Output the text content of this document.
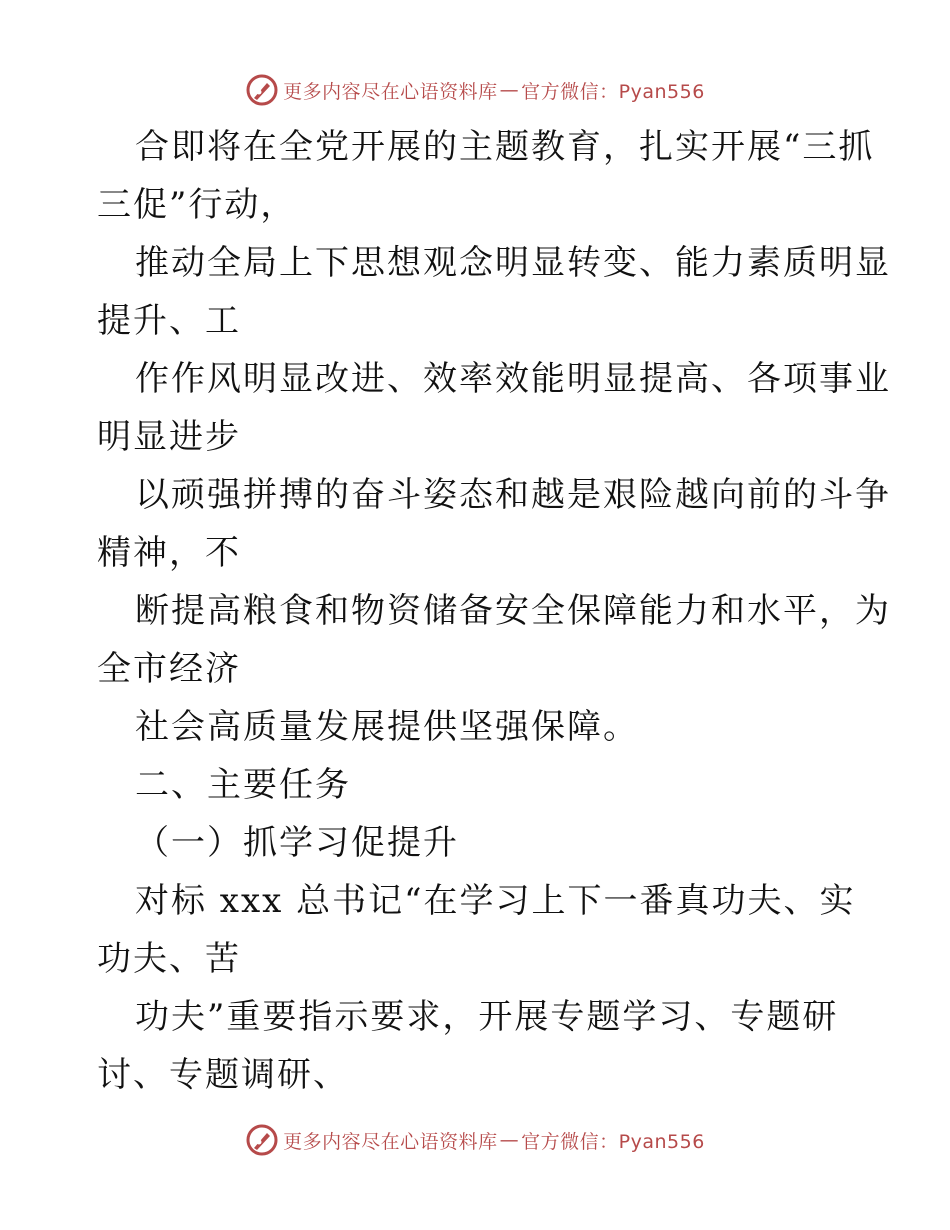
更多内容尽在心语资料库 — 官方微信：Pyan556
合即将在全党开展的主题教育，扎实开展“三抓
三促”行动，
推动全局上下思想观念明显转变、能力素质明显
提升、工
作作风明显改进、效率效能明显提高、各项事业
明显进步
以顽强拼搏的奋斗姿态和越是艰险越向前的斗争
精神，不
断提高粮食和物资储备安全保障能力和水平，为
全市经济
社会高质量发展提供坚强保障。
二、主要任务
（一）抓学习促提升
对标 xxx 总书记“在学习上下一番真功夫、实
功夫、苦
功夫”重要指示要求，开展专题学习、专题研
讨、专题调研、
更多内容尽在心语资料库 — 官方微信：Pyan556
